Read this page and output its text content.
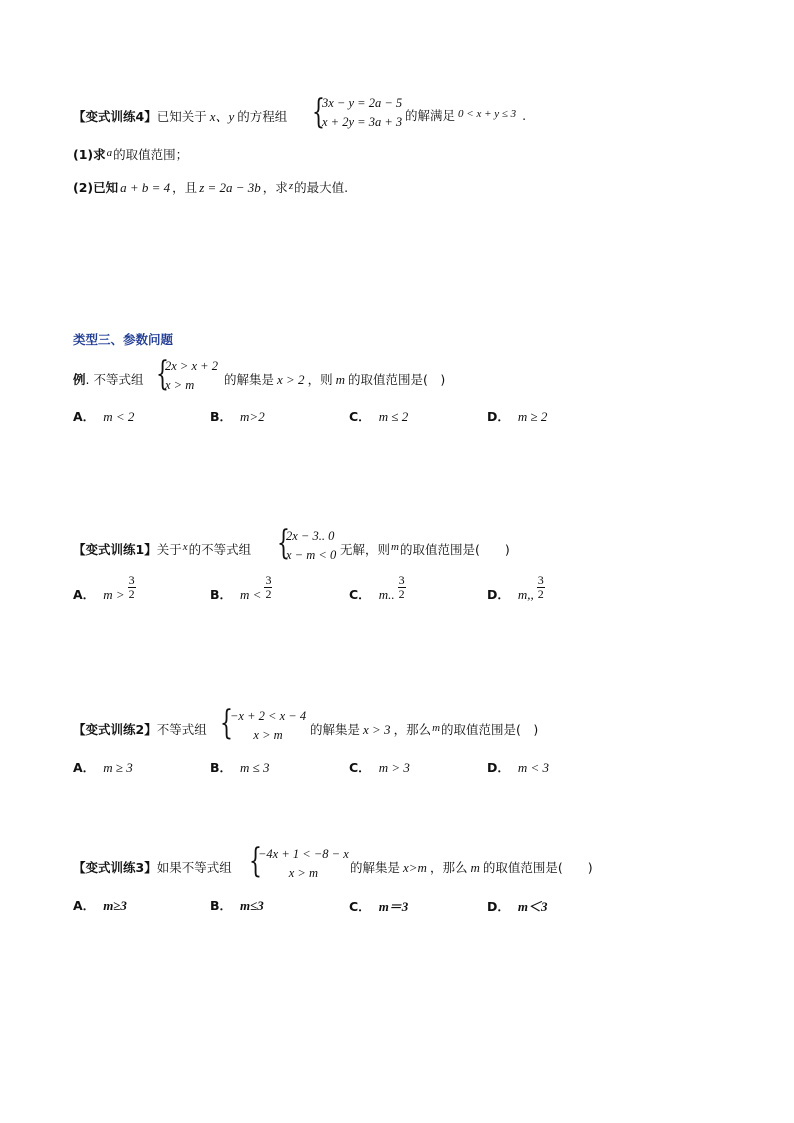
【变式训练4】已知关于 x、y 的方程组 {
3x − y = 2a − 5
x + 2y = 3a + 3 的解满足 0 < x + y ≤ 3 .
(1)求a的取值范围；
(2)已知 a + b = 4 ，且 z = 2a − 3b ，求z的最大值.
类型三、参数问题
例. 不等式组 {
2x > x + 2
x > m	的解集是 x > 2 ，则 m 的取值范围是(　)
A． m < 2	B． m>2	C． m ≤ 2	D． m ≥ 2
【变式训练1】关于x的不等式组 {
2x − 3.. 0
x − m < 0 无解，则m的取值范围是(　　)
A． $m > \frac{3}{2}$	B． $m < \frac{3}{2}$	C． m.. $\frac{3}{2}$	D． m,, $\frac{3}{2}$
【变式训练2】不等式组 {
−x + 2 < x − 4
x > m	的解集是 x > 3 ，那么m的取值范围是(　)
A． m ≥ 3	B． m ≤ 3	C． m > 3	D． m < 3
【变式训练3】如果不等式组 {
−4x + 1 < −8 − x
x > m	的解集是 x>m ，那么 m 的取值范围是(　　)
A． m≥3	B． m≤3	C． m＝3	D． m＜3
